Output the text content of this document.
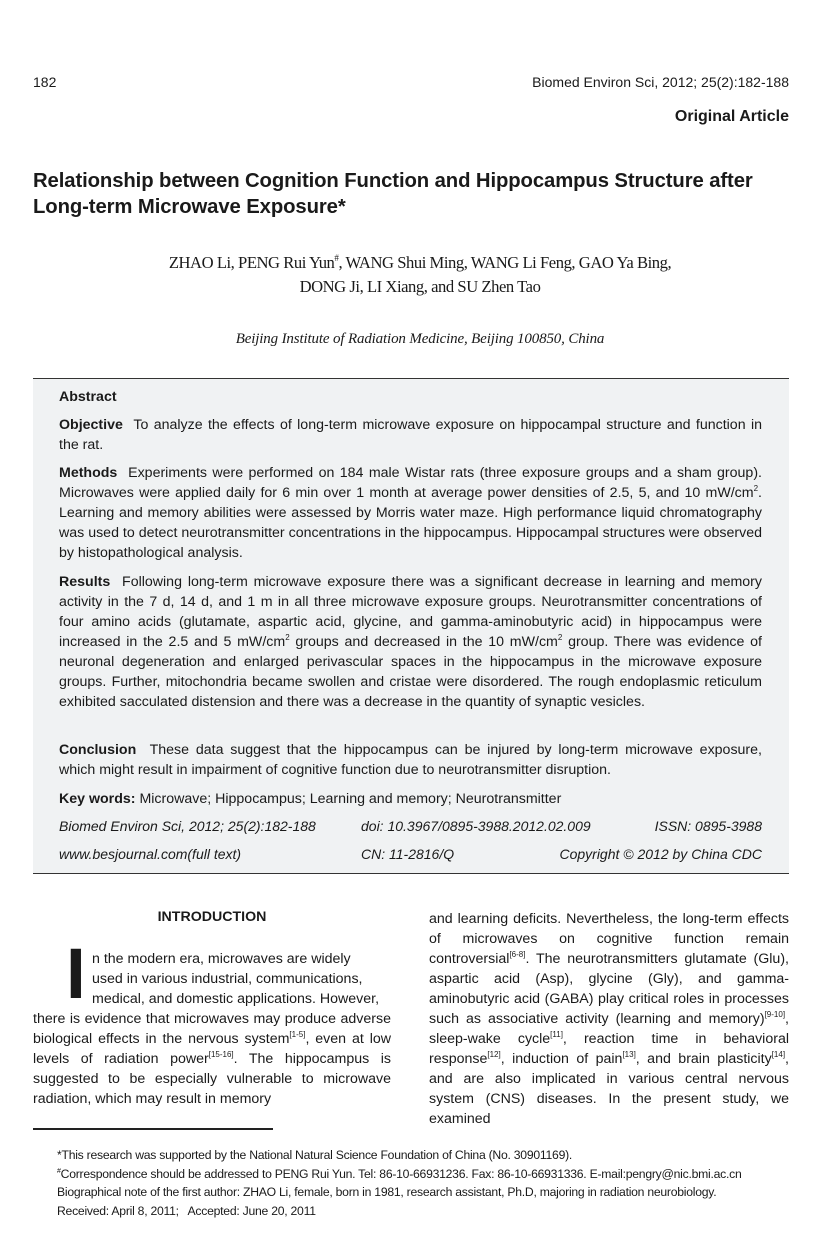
182	Biomed Environ Sci, 2012; 25(2):182-188
Original Article
Relationship between Cognition Function and Hippocampus Structure after
Long-term Microwave Exposure*
ZHAO Li, PENG Rui Yun#, WANG Shui Ming, WANG Li Feng, GAO Ya Bing,
DONG Ji, LI Xiang, and SU Zhen Tao
Beijing Institute of Radiation Medicine, Beijing 100850, China
Abstract
Objective To analyze the effects of long-term microwave exposure on hippocampal structure and function in the rat.
Methods Experiments were performed on 184 male Wistar rats (three exposure groups and a sham group). Microwaves were applied daily for 6 min over 1 month at average power densities of 2.5, 5, and 10 $mW/cm^2$. Learning and memory abilities were assessed by Morris water maze. High performance liquid chromatography was used to detect neurotransmitter concentrations in the hippocampus. Hippocampal structures were observed by histopathological analysis.
Results Following long-term microwave exposure there was a significant decrease in learning and memory activity in the 7 d, 14 d, and 1 m in all three microwave exposure groups. Neurotransmitter concentrations of four amino acids (glutamate, aspartic acid, glycine, and gamma-aminobutyric acid) in hippocampus were increased in the 2.5 and 5 $mW/cm^2$ groups and decreased in the 10 $mW/cm^2$ group. There was evidence of neuronal degeneration and enlarged perivascular spaces in the hippocampus in the microwave exposure groups. Further, mitochondria became swollen and cristae were disordered. The rough endoplasmic reticulum exhibited sacculated distension and there was a decrease in the quantity of synaptic vesicles.
Conclusion These data suggest that the hippocampus can be injured by long-term microwave exposure, which might result in impairment of cognitive function due to neurotransmitter disruption.
Key words: Microwave; Hippocampus; Learning and memory; Neurotransmitter
Biomed Environ Sci, 2012; 25(2):182-188	doi: 10.3967/0895-3988.2012.02.009	ISSN: 0895-3988
www.besjournal.com(full text)	CN: 11-2816/Q	Copyright © 2012 by China CDC
INTRODUCTION
I n the modern era, microwaves are widely
used in various industrial, communications,
medical, and domestic applications. However,
there is evidence that microwaves may produce adverse biological effects in the nervous system[1-5], even at low levels of radiation power[15-16]. The hippocampus is suggested to be especially vulnerable to microwave radiation, which may result in memory
and learning deficits. Nevertheless, the long-term effects of microwaves on cognitive function remain controversial[6-8]. The neurotransmitters glutamate (Glu), aspartic acid (Asp), glycine (Gly), and gamma-aminobutyric acid (GABA) play critical roles in processes such as associative activity (learning and memory)[9-10], sleep-wake cycle[11], reaction time in behavioral response[12], induction of pain[13], and brain plasticity[14], and are also implicated in various central nervous system (CNS) diseases. In the present study, we examined
*This research was supported by the National Natural Science Foundation of China (No. 30901169).
#Correspondence should be addressed to PENG Rui Yun. Tel: 86-10-66931236. Fax: 86-10-66931336. E-mail:pengry@nic.bmi.ac.cn
Biographical note of the first author: ZHAO Li, female, born in 1981, research assistant, Ph.D, majoring in radiation neurobiology.
Received: April 8, 2011;   Accepted: June 20, 2011
